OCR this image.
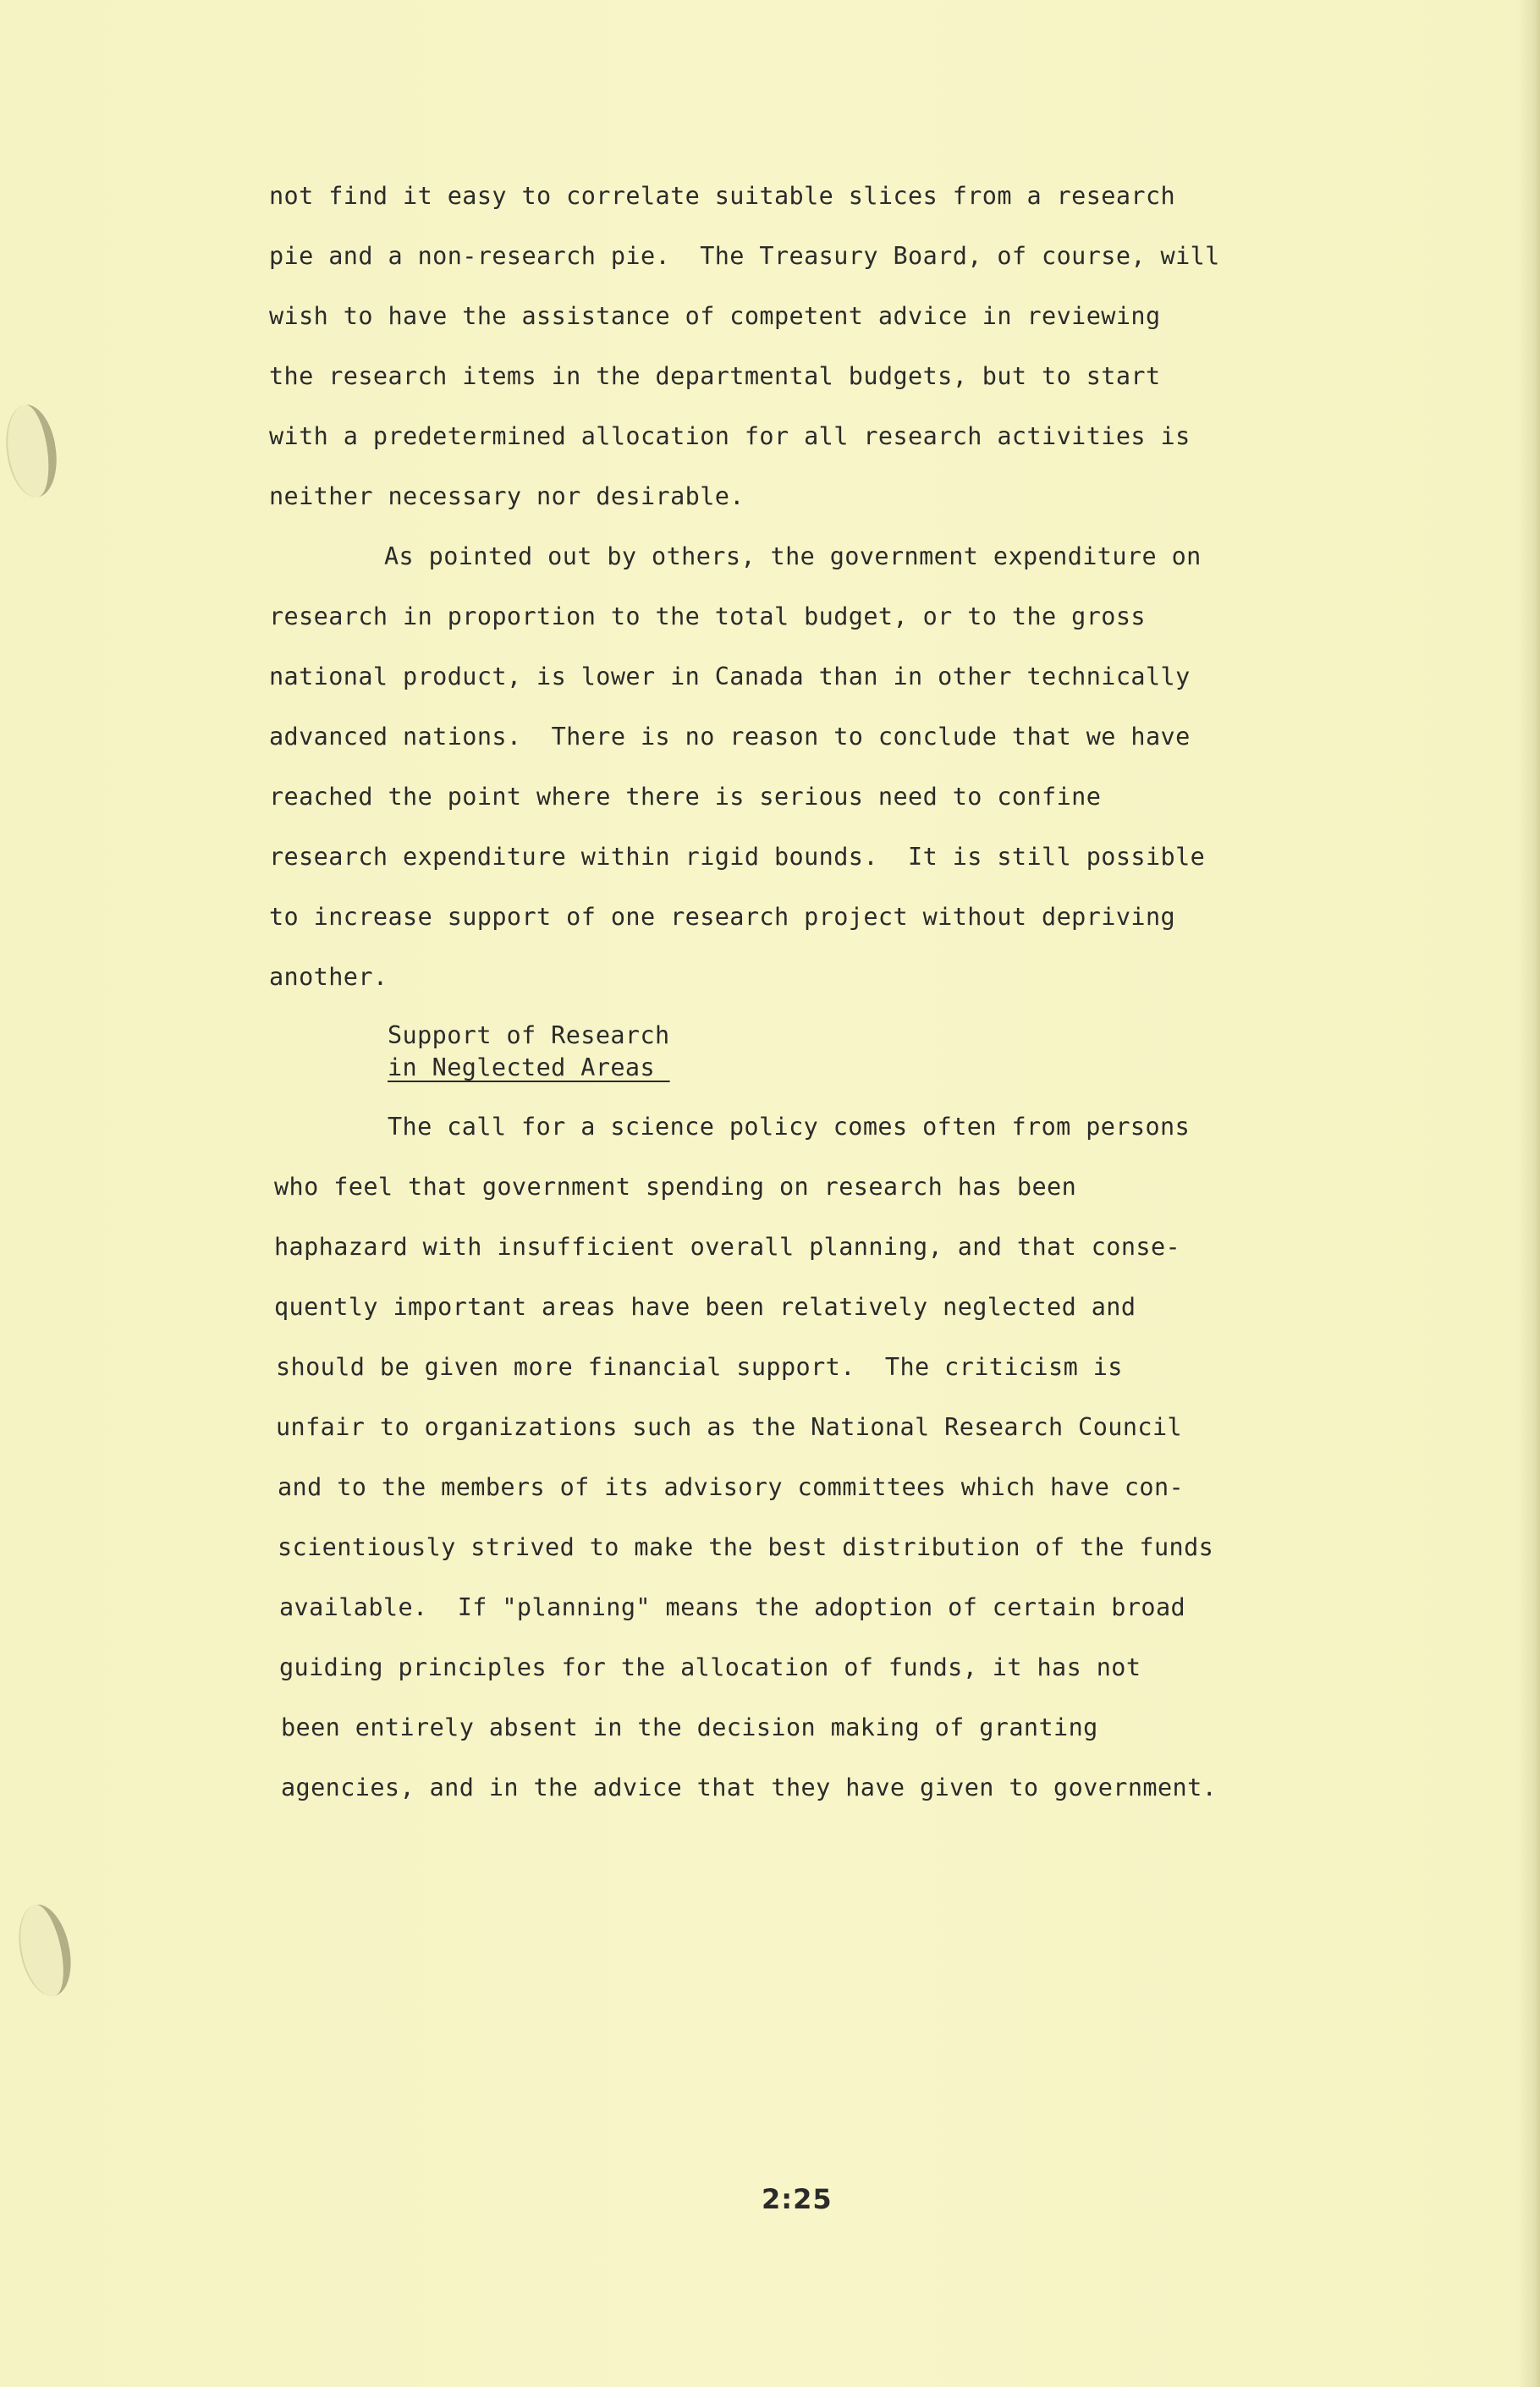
not find it easy to correlate suitable slices from a research
pie and a non-research pie.  The Treasury Board, of course, will
wish to have the assistance of competent advice in reviewing
the research items in the departmental budgets, but to start
with a predetermined allocation for all research activities is
neither necessary nor desirable.
As pointed out by others, the government expenditure on
research in proportion to the total budget, or to the gross
national product, is lower in Canada than in other technically
advanced nations.  There is no reason to conclude that we have
reached the point where there is serious need to confine
research expenditure within rigid bounds.  It is still possible
to increase support of one research project without depriving
another.
Support of Research
in Neglected Areas
The call for a science policy comes often from persons
who feel that government spending on research has been
haphazard with insufficient overall planning, and that conse-
quently important areas have been relatively neglected and
should be given more financial support.  The criticism is
unfair to organizations such as the National Research Council
and to the members of its advisory committees which have con-
scientiously strived to make the best distribution of the funds
available.  If "planning" means the adoption of certain broad
guiding principles for the allocation of funds, it has not
been entirely absent in the decision making of granting
agencies, and in the advice that they have given to government.
2:25
